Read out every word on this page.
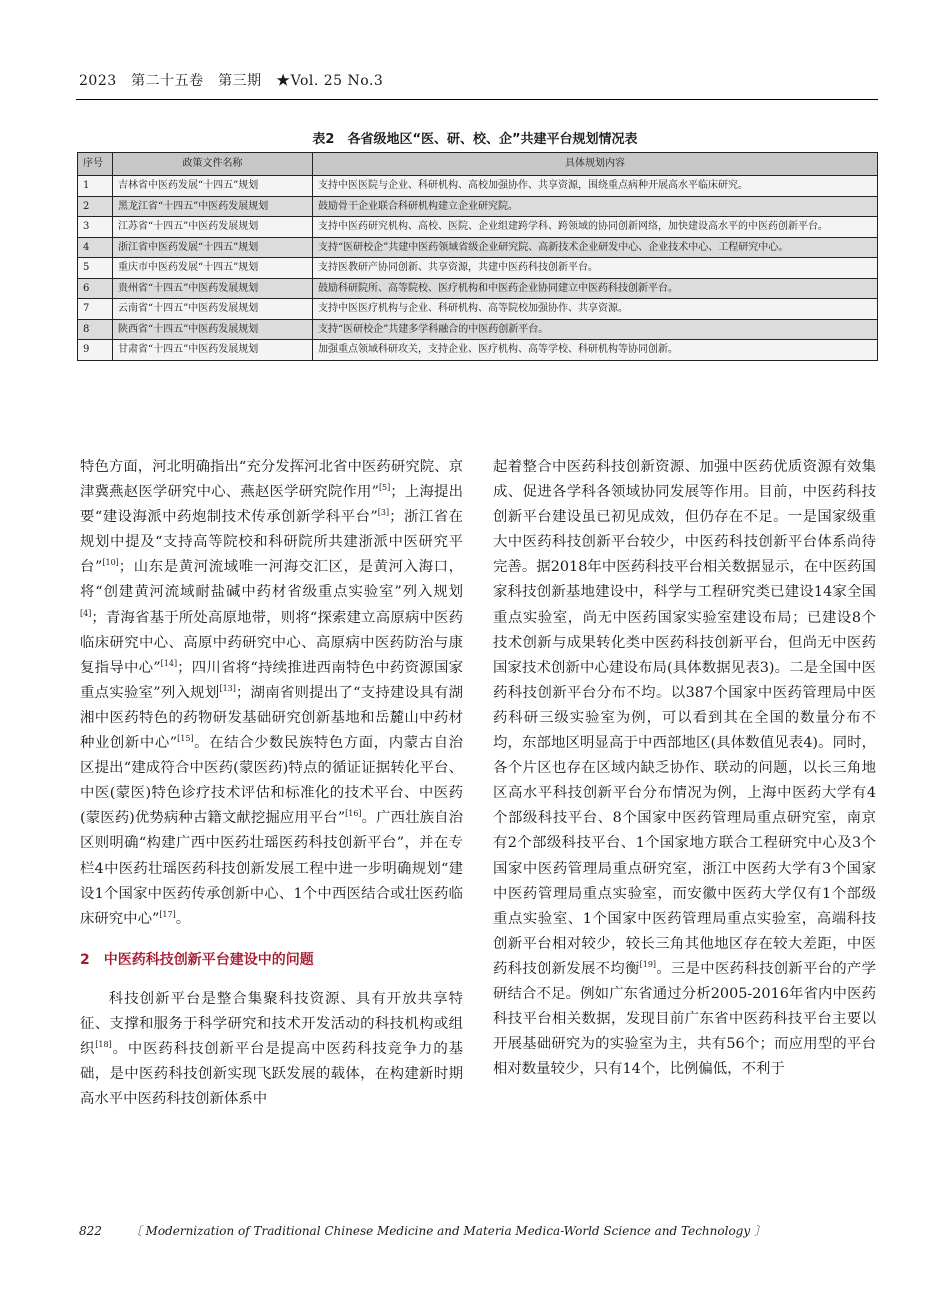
2023　第二十五卷　第三期　★Vol. 25 No.3
表2　各省级地区“医、研、校、企”共建平台规划情况表
序号	政策文件名称	具体规划内容
1	吉林省中医药发展“十四五”规划	支持中医医院与企业、科研机构、高校加强协作、共享资源，围绕重点病种开展高水平临床研究。
2	黑龙江省“十四五”中医药发展规划	鼓励骨干企业联合科研机构建立企业研究院。
3	江苏省“十四五”中医药发展规划	支持中医药研究机构、高校、医院、企业组建跨学科、跨领域的协同创新网络，加快建设高水平的中医药创新平台。
4	浙江省中医药发展“十四五”规划	支持“医研校企”共建中医药领域省级企业研究院、高新技术企业研发中心、企业技术中心、工程研究中心。
5	重庆市中医药发展“十四五”规划	支持医教研产协同创新、共享资源，共建中医药科技创新平台。
6	贵州省“十四五”中医药发展规划	鼓励科研院所、高等院校、医疗机构和中医药企业协同建立中医药科技创新平台。
7	云南省“十四五”中医药发展规划	支持中医医疗机构与企业、科研机构、高等院校加强协作、共享资源。
8	陕西省“十四五”中医药发展规划	支持“医研校企”共建多学科融合的中医药创新平台。
9	甘肃省“十四五”中医药发展规划	加强重点领域科研攻关，支持企业、医疗机构、高等学校、科研机构等协同创新。

特色方面，河北明确指出“充分发挥河北省中医药研究院、京津冀燕赵医学研究中心、燕赵医学研究院作用”[5]；上海提出要“建设海派中药炮制技术传承创新学科平台”[3]；浙江省在规划中提及“支持高等院校和科研院所共建浙派中医研究平台”[10]；山东是黄河流域唯一河海交汇区，是黄河入海口，将“创建黄河流域耐盐碱中药材省级重点实验室”列入规划[4]；青海省基于所处高原地带，则将“探索建立高原病中医药临床研究中心、高原中药研究中心、高原病中医药防治与康复指导中心”[14]；四川省将“持续推进西南特色中药资源国家重点实验室”列入规划[13]；湖南省则提出了“支持建设具有湖湘中医药特色的药物研发基础研究创新基地和岳麓山中药材种业创新中心”[15]。在结合少数民族特色方面，内蒙古自治区提出“建成符合中医药(蒙医药)特点的循证证据转化平台、中医(蒙医)特色诊疗技术评估和标准化的技术平台、中医药(蒙医药)优势病种古籍文献挖掘应用平台”[16]。广西壮族自治区则明确“构建广西中医药壮瑶医药科技创新平台”，并在专栏4中医药壮瑶医药科技创新发展工程中进一步明确规划“建设1个国家中医药传承创新中心、1个中西医结合或壮医药临床研究中心”[17]。

2　中医药科技创新平台建设中的问题

科技创新平台是整合集聚科技资源、具有开放共享特征、支撑和服务于科学研究和技术开发活动的科技机构或组织[18]。中医药科技创新平台是提高中医药科技竞争力的基础，是中医药科技创新实现飞跃发展的载体，在构建新时期高水平中医药科技创新体系中

起着整合中医药科技创新资源、加强中医药优质资源有效集成、促进各学科各领域协同发展等作用。目前，中医药科技创新平台建设虽已初见成效，但仍存在不足。一是国家级重大中医药科技创新平台较少，中医药科技创新平台体系尚待完善。据2018年中医药科技平台相关数据显示，在中医药国家科技创新基地建设中，科学与工程研究类已建设14家全国重点实验室，尚无中医药国家实验室建设布局；已建设8个技术创新与成果转化类中医药科技创新平台，但尚无中医药国家技术创新中心建设布局(具体数据见表3)。二是全国中医药科技创新平台分布不均。以387个国家中医药管理局中医药科研三级实验室为例，可以看到其在全国的数量分布不均，东部地区明显高于中西部地区(具体数值见表4)。同时，各个片区也存在区域内缺乏协作、联动的问题，以长三角地区高水平科技创新平台分布情况为例，上海中医药大学有4个部级科技平台、8个国家中医药管理局重点研究室，南京有2个部级科技平台、1个国家地方联合工程研究中心及3个国家中医药管理局重点研究室，浙江中医药大学有3个国家中医药管理局重点实验室，而安徽中医药大学仅有1个部级重点实验室、1个国家中医药管理局重点实验室，高端科技创新平台相对较少，较长三角其他地区存在较大差距，中医药科技创新发展不均衡[19]。三是中医药科技创新平台的产学研结合不足。例如广东省通过分析2005-2016年省内中医药科技平台相关数据，发现目前广东省中医药科技平台主要以开展基础研究为的实验室为主，共有56个；而应用型的平台相对数量较少，只有14个，比例偏低，不利于

822 〔 Modernization of Traditional Chinese Medicine and Materia Medica-World Science and Technology 〕
